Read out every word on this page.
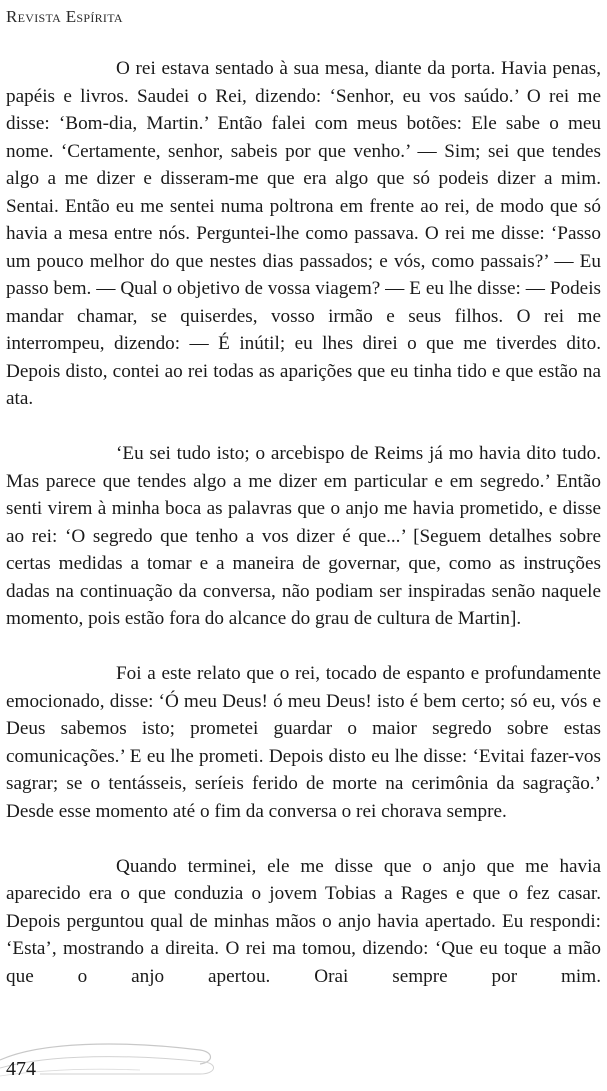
Revista Espírita

O rei estava sentado à sua mesa, diante da porta. Havia penas, papéis e livros. Saudei o Rei, dizendo: ‘Senhor, eu vos saúdo.’ O rei me disse: ‘Bom-dia, Martin.’ Então falei com meus botões: Ele sabe o meu nome. ‘Certamente, senhor, sabeis por que venho.’ — Sim; sei que tendes algo a me dizer e disseram-me que era algo que só podeis dizer a mim. Sentai. Então eu me sentei numa poltrona em frente ao rei, de modo que só havia a mesa entre nós. Perguntei-lhe como passava. O rei me disse: ‘Passo um pouco melhor do que nestes dias passados; e vós, como passais?’ — Eu passo bem. — Qual o objetivo de vossa viagem? — E eu lhe disse: — Podeis mandar chamar, se quiserdes, vosso irmão e seus filhos. O rei me interrompeu, dizendo: — É inútil; eu lhes direi o que me tiverdes dito. Depois disto, contei ao rei todas as aparições que eu tinha tido e que estão na ata.

‘Eu sei tudo isto; o arcebispo de Reims já mo havia dito tudo. Mas parece que tendes algo a me dizer em particular e em segredo.’ Então senti virem à minha boca as palavras que o anjo me havia prometido, e disse ao rei: ‘O segredo que tenho a vos dizer é que...’ [Seguem detalhes sobre certas medidas a tomar e a maneira de governar, que, como as instruções dadas na continuação da conversa, não podiam ser inspiradas senão naquele momento, pois estão fora do alcance do grau de cultura de Martin].

Foi a este relato que o rei, tocado de espanto e profundamente emocionado, disse: ‘Ó meu Deus! ó meu Deus! isto é bem certo; só eu, vós e Deus sabemos isto; prometei guardar o maior segredo sobre estas comunicações.’ E eu lhe prometi. Depois disto eu lhe disse: ‘Evitai fazer-vos sagrar; se o tentásseis, seríeis ferido de morte na cerimônia da sagração.’ Desde esse momento até o fim da conversa o rei chorava sempre.

Quando terminei, ele me disse que o anjo que me havia aparecido era o que conduzia o jovem Tobias a Rages e que o fez casar. Depois perguntou qual de minhas mãos o anjo havia apertado. Eu respondi: ‘Esta’, mostrando a direita. O rei ma tomou, dizendo: ‘Que eu toque a mão que o anjo apertou. Orai sempre por mim.

474
